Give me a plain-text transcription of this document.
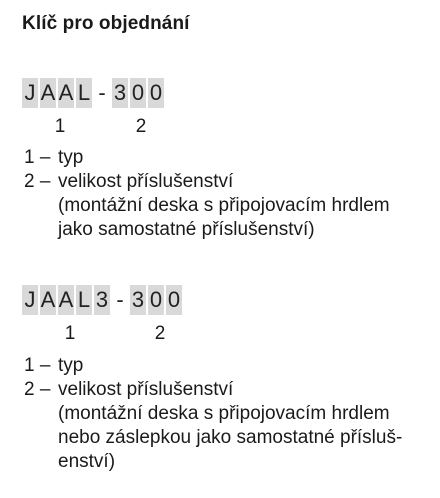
Klíč pro objednání
J A A L - 3 0 0
1	2
1 – typ
2 – velikost příslušenství
(montážní deska s připojovacím hrdlem
jako samostatné příslušenství)
J A A L 3 - 3 0 0
1	2
1 – typ
2 – velikost příslušenství
(montážní deska s připojovacím hrdlem
nebo záslepkou jako samostatné přísluš-
enství)
